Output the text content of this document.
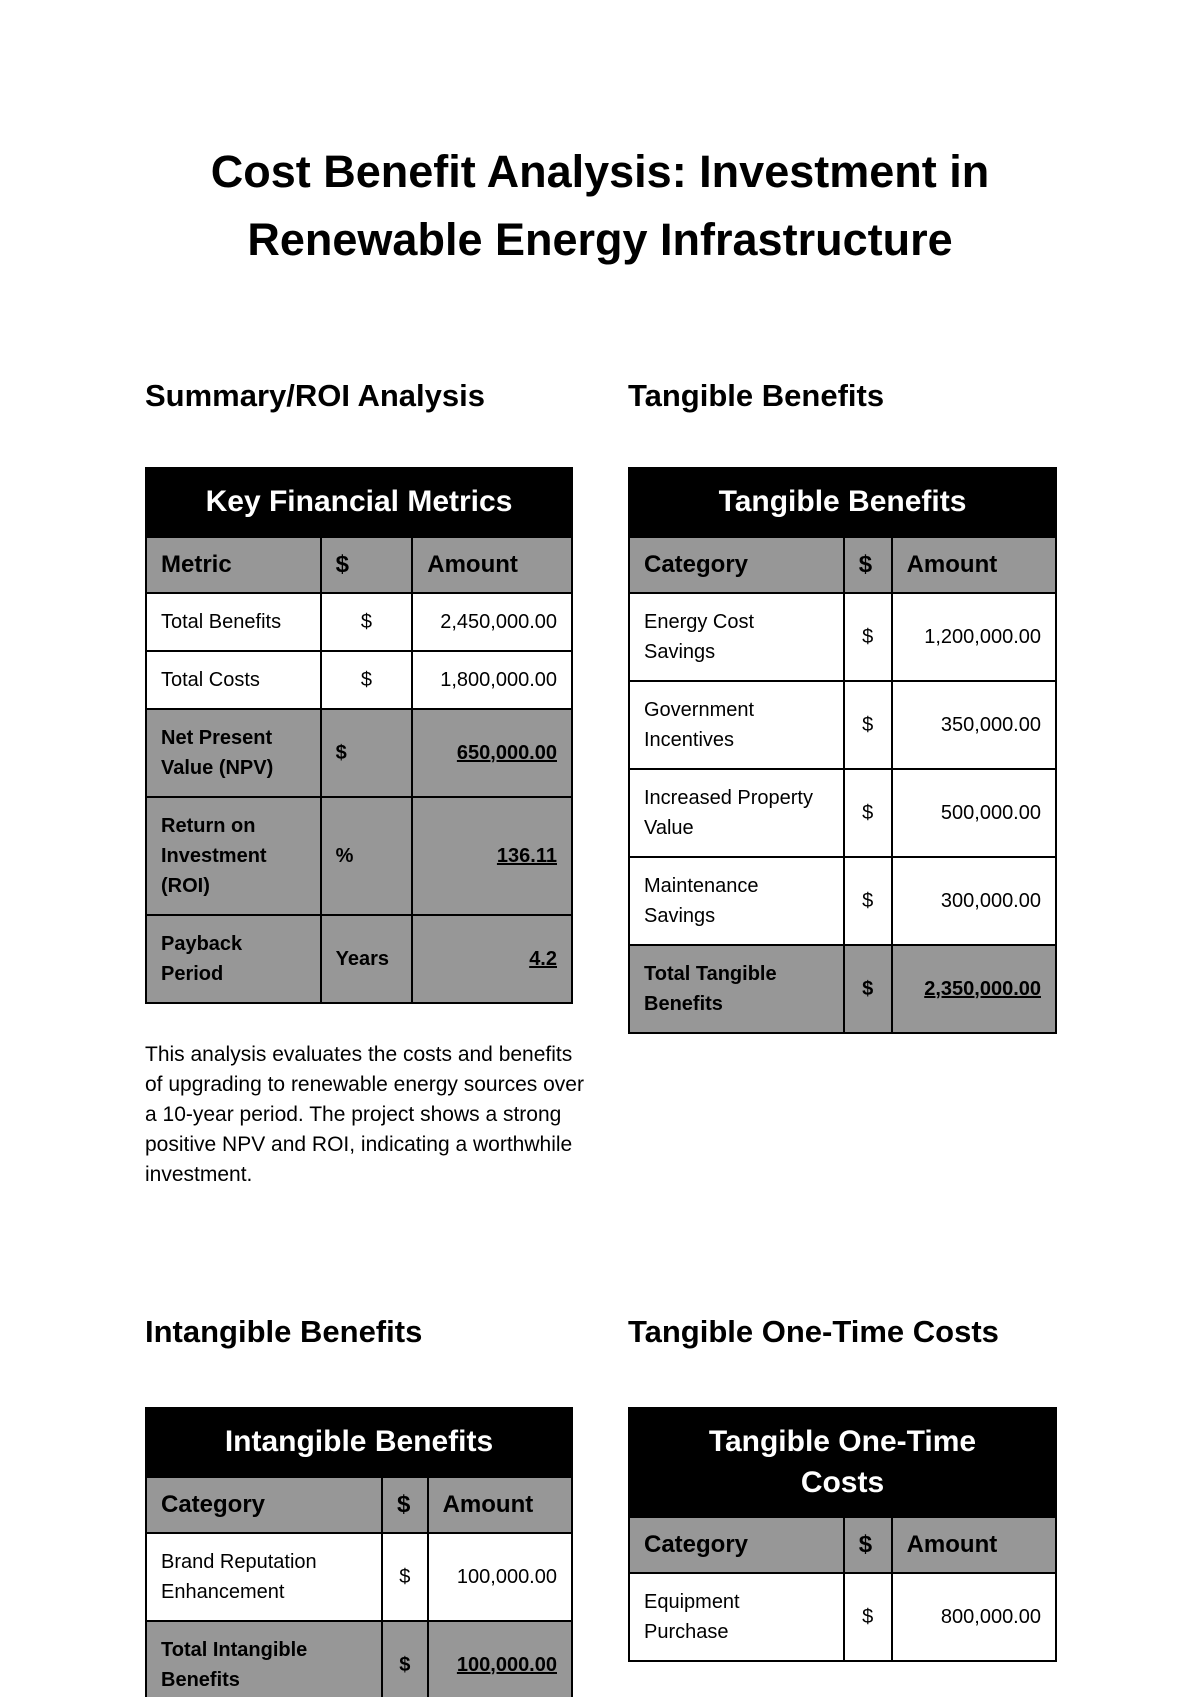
Cost Benefit Analysis: Investment in Renewable Energy Infrastructure
Summary/ROI Analysis
Key Financial Metrics		
Metric	$	Amount
Total Benefits	$	2,450,000.00
Total Costs	$	1,800,000.00
Net Present Value (NPV)	$	650,000.00
Return on Investment (ROI)	%	136.11
Payback Period	Years	4.2

This analysis evaluates the costs and benefits of upgrading to renewable energy sources over a 10-year period. The project shows a strong positive NPV and ROI, indicating a worthwhile investment.

Tangible Benefits
Tangible Benefits		
Category	$	Amount
Energy Cost Savings	$	1,200,000.00
Government Incentives	$	350,000.00
Increased Property Value	$	500,000.00
Maintenance Savings	$	300,000.00
Total Tangible Benefits	$	2,350,000.00
Intangible Benefits
Intangible Benefits		
Category	$	Amount
Brand Reputation Enhancement	$	100,000.00
Total Intangible Benefits	$	100,000.00
Tangible One-Time Costs
Tangible One-Time Costs		
Category	$	Amount
Equipment Purchase	$	800,000.00
